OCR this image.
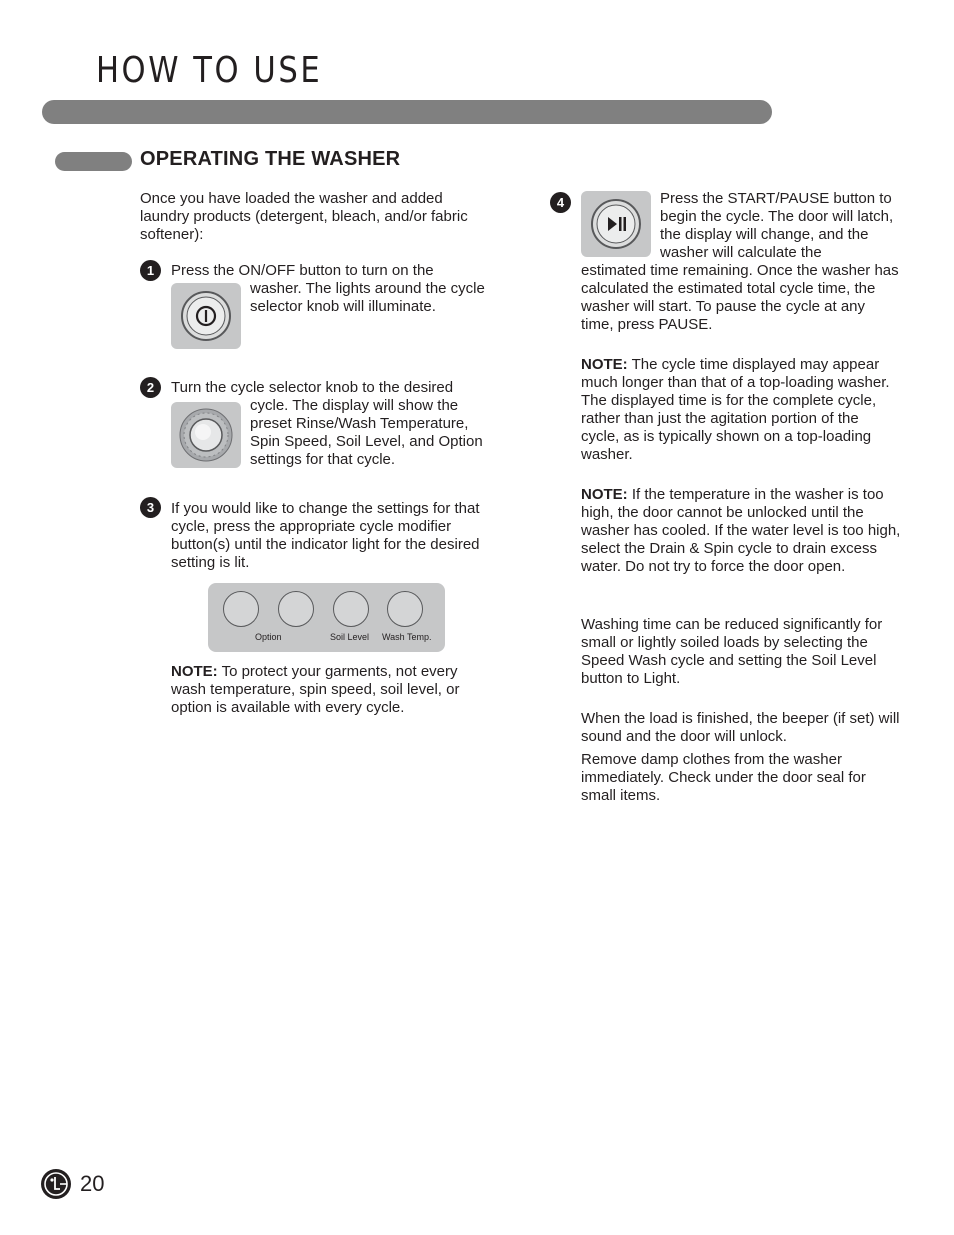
HOW TO USE
OPERATING THE WASHER

Once you have loaded the washer and added laundry products (detergent, bleach, and/or fabric softener):

1	Press the ON/OFF button to turn on the

washer. The lights around the cycle selector knob will illuminate.

2	Turn the cycle selector knob to the desired

cycle. The display will show the preset Rinse/Wash Temperature, Spin Speed, Soil Level, and Option settings for that cycle.

3	If you would like to change the settings for that cycle, press the appropriate cycle modifier button(s) until the indicator light for the desired setting is lit.

Option	Soil Level Wash Temp.

NOTE: To protect your garments, not every wash temperature, spin speed, soil level, or option is available with every cycle.

4	Press the START/PAUSE button to begin the cycle. The door will latch, the display will change, and the washer will calculate the

estimated time remaining. Once the washer has calculated the estimated total cycle time, the washer will start. To pause the cycle at any time, press PAUSE.

NOTE: The cycle time displayed may appear much longer than that of a top-loading washer. The displayed time is for the complete cycle, rather than just the agitation portion of the cycle, as is typically shown on a top-loading washer.

NOTE: If the temperature in the washer is too high, the door cannot be unlocked until the washer has cooled. If the water level is too high, select the Drain & Spin cycle to drain excess water. Do not try to force the door open.

Washing time can be reduced significantly for small or lightly soiled loads by selecting the Speed Wash cycle and setting the Soil Level button to Light.

When the load is finished, the beeper (if set) will sound and the door will unlock.

Remove damp clothes from the washer immediately. Check under the door seal for small items.

20
